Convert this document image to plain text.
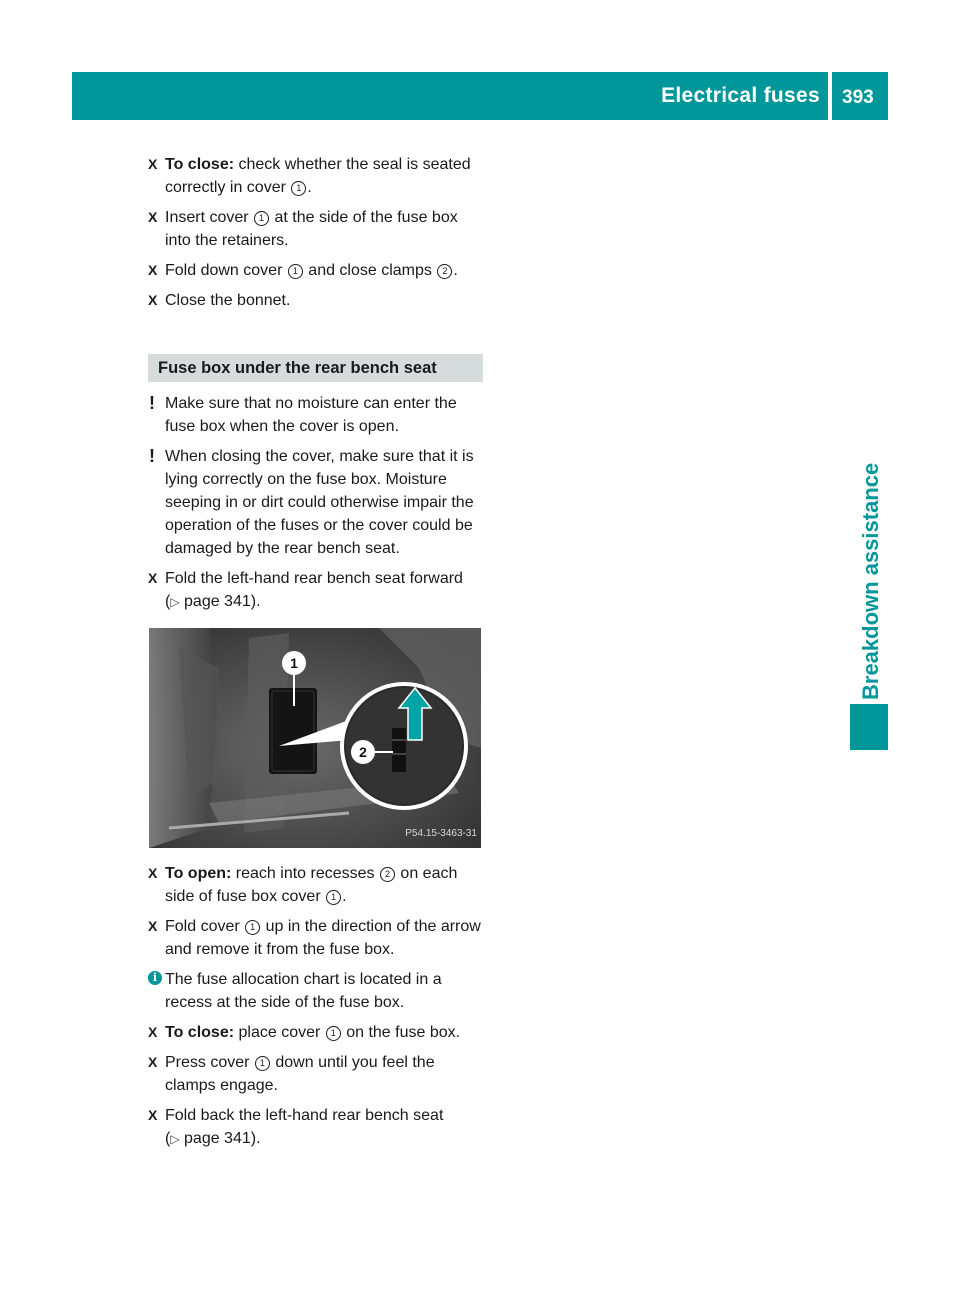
Electrical fuses 393
Breakdown assistance
X To close: check whether the seal is seated correctly in cover 1 .
X Insert cover 1 at the side of the fuse box into the retainers.
X Fold down cover 1 and close clamps 2 .
X Close the bonnet.
Fuse box under the rear bench seat
! Make sure that no moisture can enter the fuse box when the cover is open.
! When closing the cover, make sure that it is lying correctly on the fuse box. Moisture seeping in or dirt could otherwise impair the operation of the fuses or the cover could be damaged by the rear bench seat.
X Fold the left-hand rear bench seat forward
(▷ page 341).
1
2
P54.15-3463-31
X To open: reach into recesses 2 on each side of fuse box cover 1 .
X Fold cover 1 up in the direction of the arrow and remove it from the fuse box.
i The fuse allocation chart is located in a recess at the side of the fuse box.
X To close: place cover 1 on the fuse box.
X Press cover 1 down until you feel the clamps engage.
X Fold back the left-hand rear bench seat
(▷ page 341).
